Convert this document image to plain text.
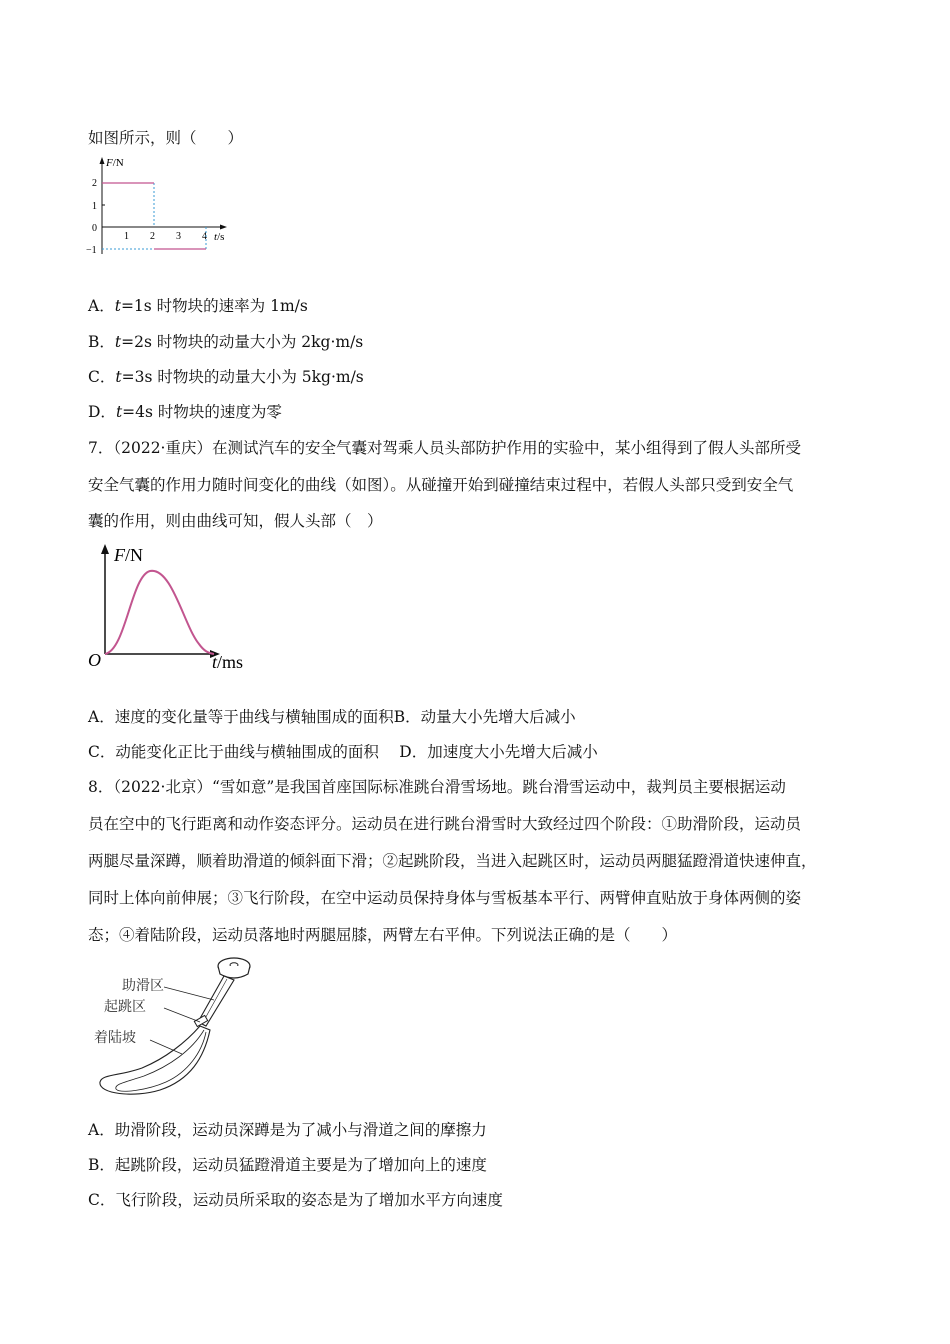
如图所示，则（　　）
F/N
t/s
0
2
1
−1
1 2 3 4
A．t=1s 时物块的速率为 1m/s
B．t=2s 时物块的动量大小为 2kg·m/s
C．t=3s 时物块的动量大小为 5kg·m/s
D．t=4s 时物块的速度为零
7．（2022·重庆）在测试汽车的安全气囊对驾乘人员头部防护作用的实验中，某小组得到了假人头部所受
安全气囊的作用力随时间变化的曲线（如图）。从碰撞开始到碰撞结束过程中，若假人头部只受到安全气
囊的作用，则由曲线可知，假人头部（　）
F/N
O	t/ms
A．速度的变化量等于曲线与横轴围成的面积B．动量大小先增大后减小
C．动能变化正比于曲线与横轴围成的面积　 D．加速度大小先增大后减小
8．（2022·北京）“雪如意”是我国首座国际标准跳台滑雪场地。跳台滑雪运动中，裁判员主要根据运动
员在空中的飞行距离和动作姿态评分。运动员在进行跳台滑雪时大致经过四个阶段：①助滑阶段，运动员
两腿尽量深蹲，顺着助滑道的倾斜面下滑；②起跳阶段，当进入起跳区时，运动员两腿猛蹬滑道快速伸直，
同时上体向前伸展；③飞行阶段，在空中运动员保持身体与雪板基本平行、两臂伸直贴放于身体两侧的姿
态；④着陆阶段，运动员落地时两腿屈膝，两臂左右平伸。下列说法正确的是（　　）
助滑区
起跳区
着陆坡
A．助滑阶段，运动员深蹲是为了减小与滑道之间的摩擦力
B．起跳阶段，运动员猛蹬滑道主要是为了增加向上的速度
C．飞行阶段，运动员所采取的姿态是为了增加水平方向速度
